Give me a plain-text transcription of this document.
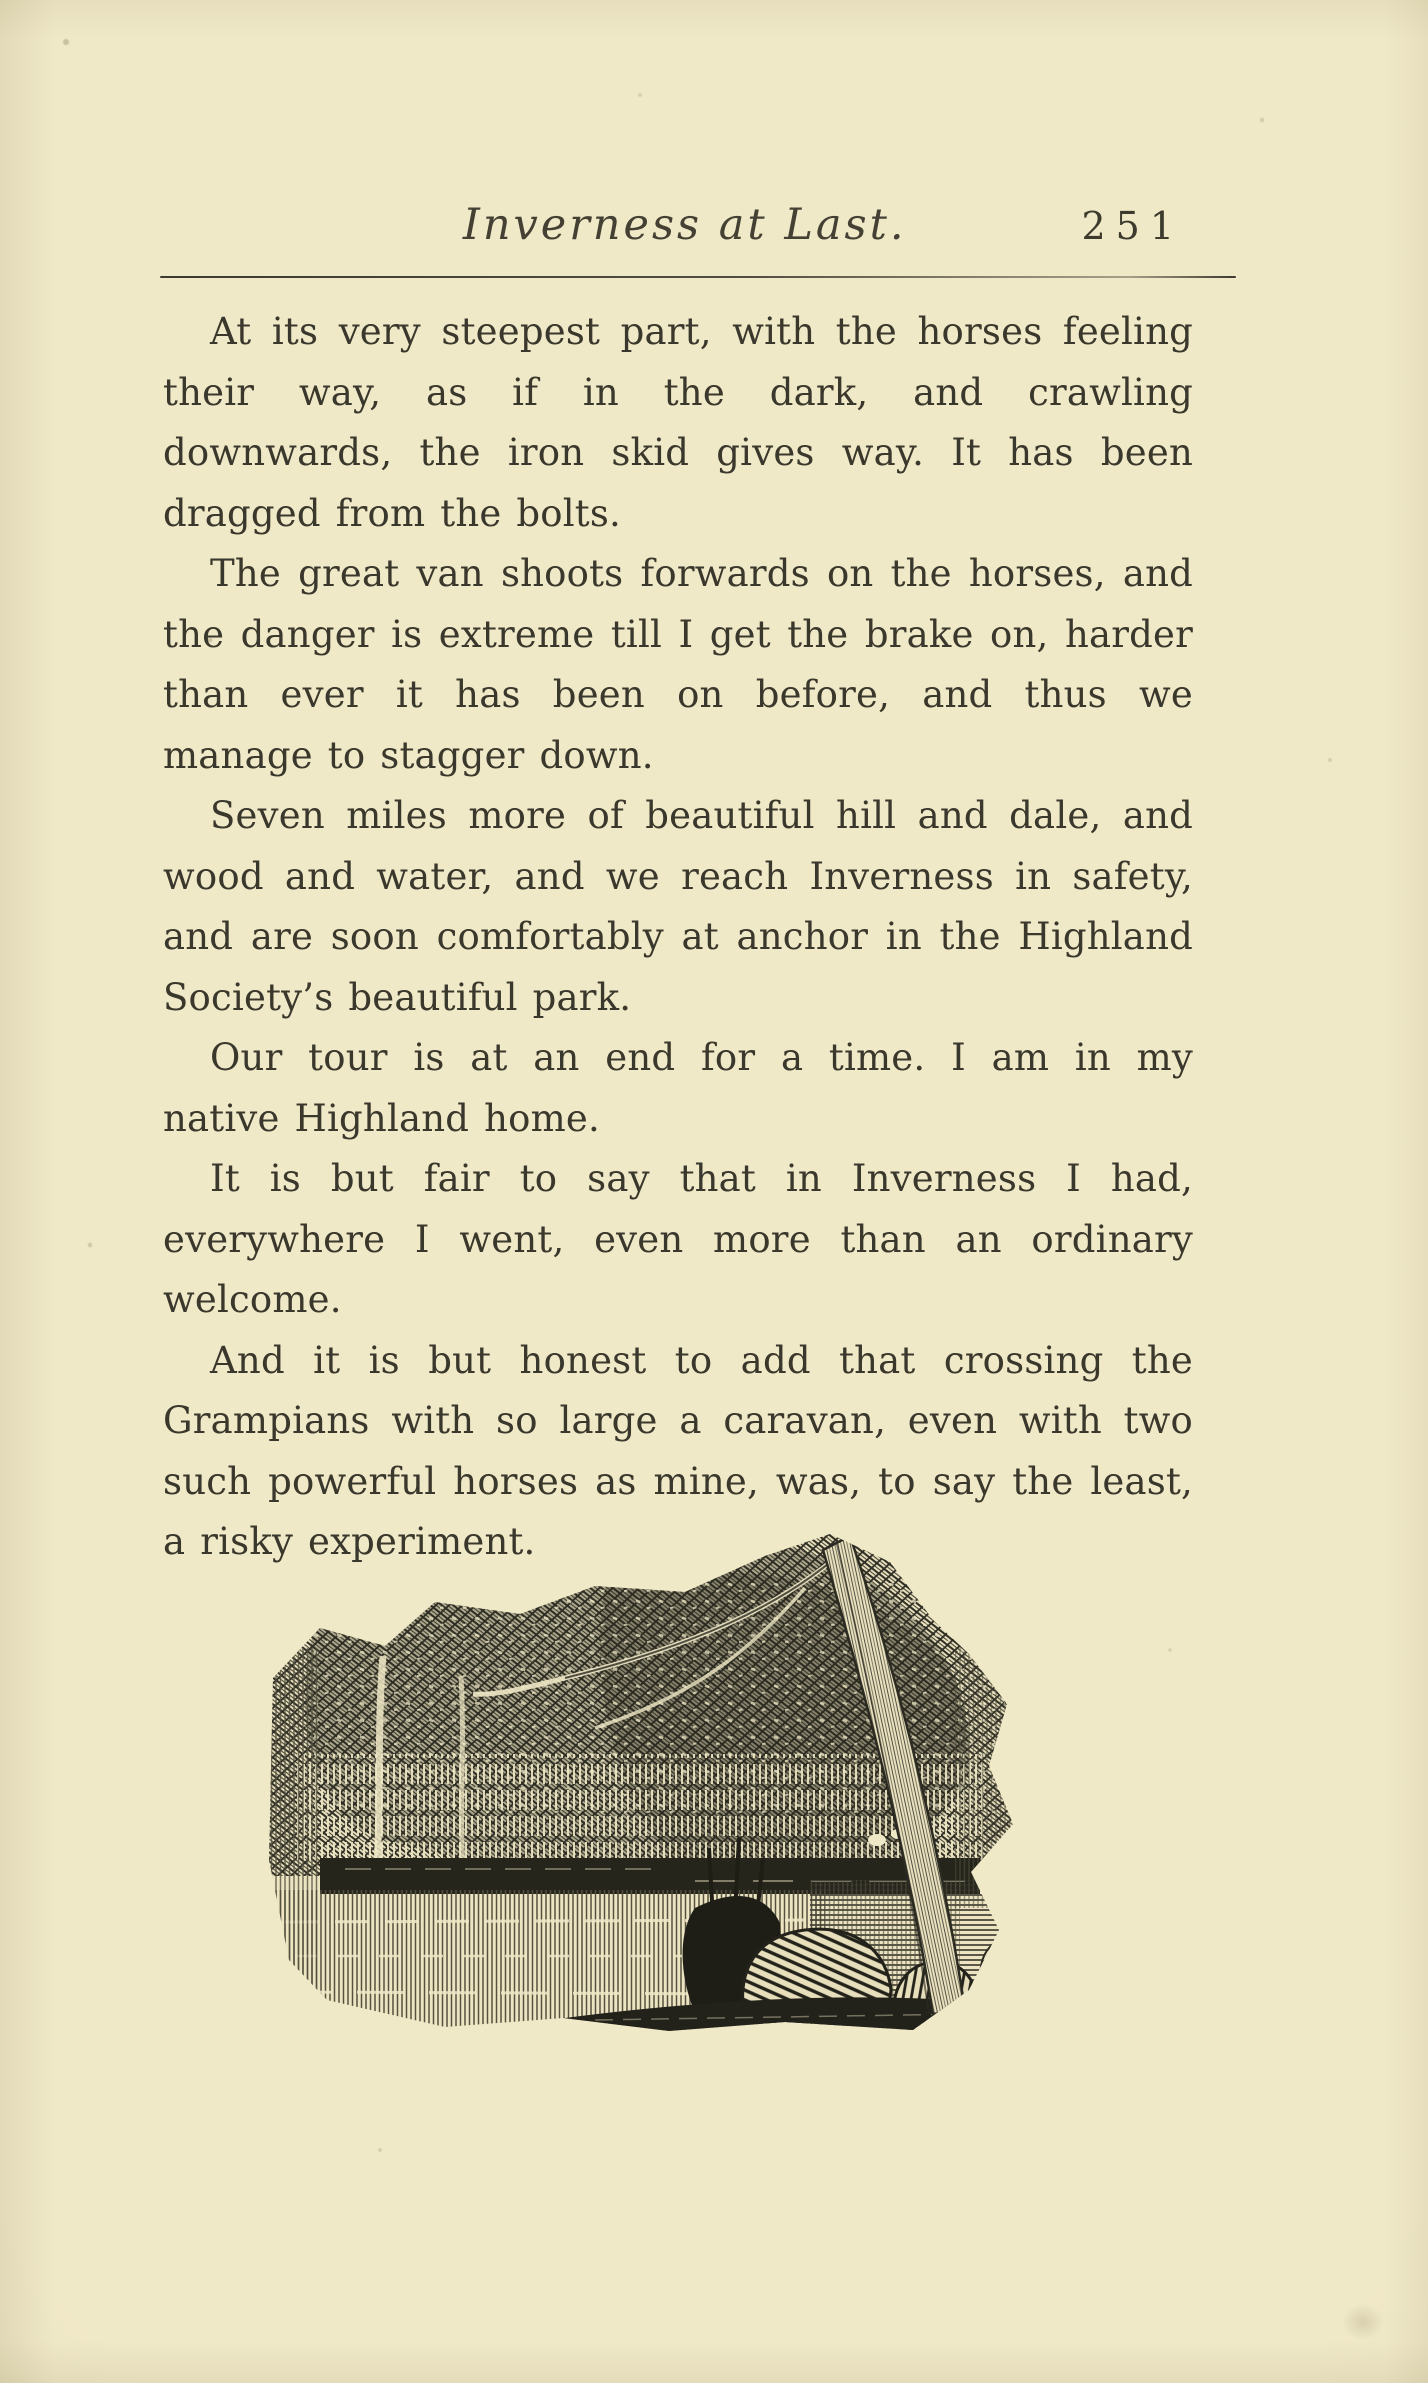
Inverness at Last.	251

At its very steepest part, with the horses feeling their way, as if in the dark, and crawling downwards, the iron skid gives way. It has been dragged from the bolts.

The great van shoots forwards on the horses, and the danger is extreme till I get the brake on, harder than ever it has been on before, and thus we manage to stagger down.

Seven miles more of beautiful hill and dale, and wood and water, and we reach Inverness in safety, and are soon comfortably at anchor in the Highland Society’s beautiful park.

Our tour is at an end for a time. I am in my native Highland home.

It is but fair to say that in Inverness I had, everywhere I went, even more than an ordinary welcome.

And it is but honest to add that crossing the Grampians with so large a caravan, even with two such powerful horses as mine, was, to say the least, a risky experiment.
